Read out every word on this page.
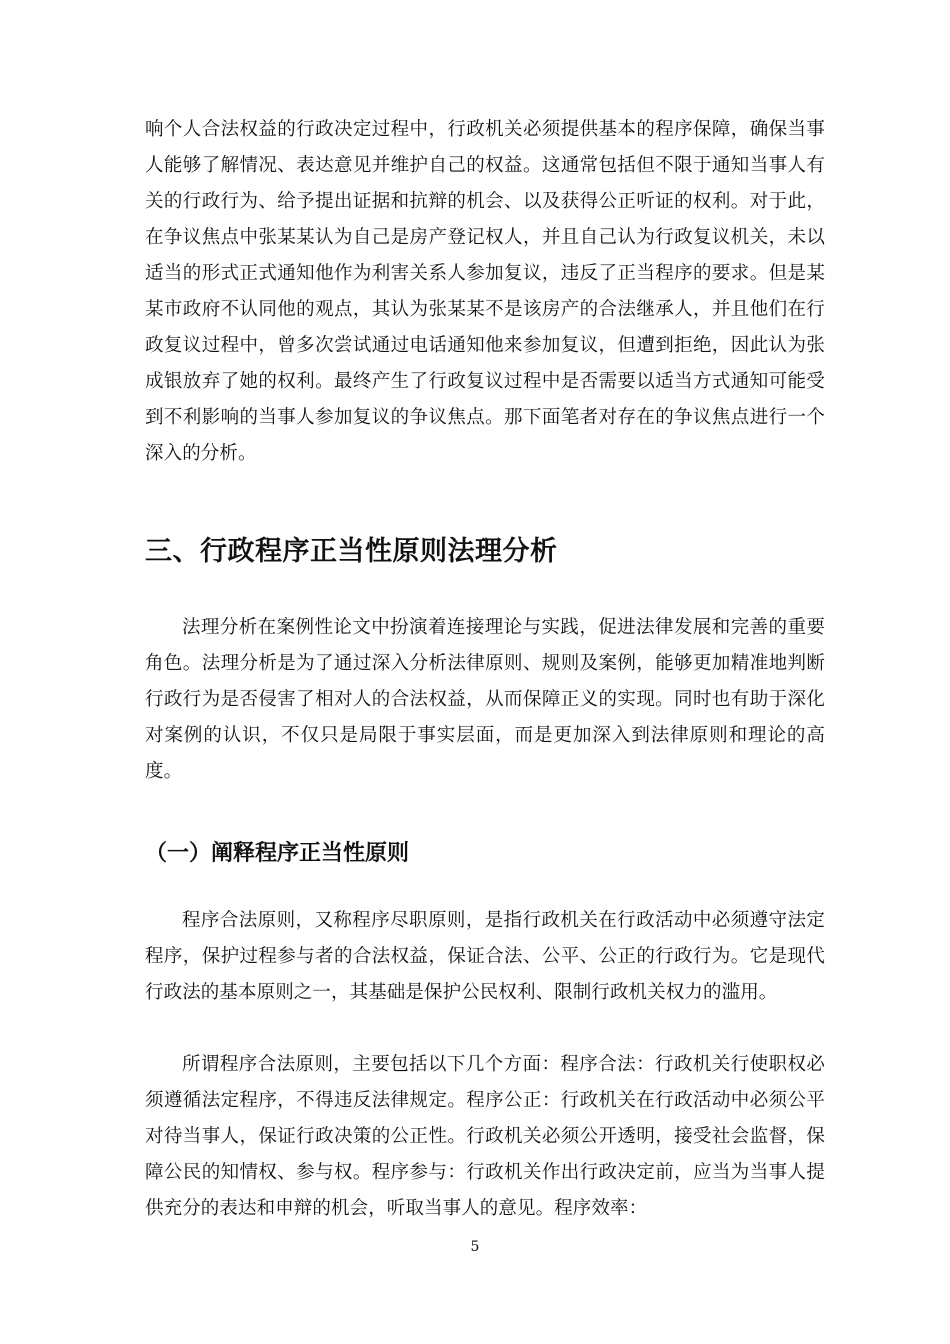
响个人合法权益的行政决定过程中，行政机关必须提供基本的程序保障，确保当事人能够了解情况、表达意见并维护自己的权益。这通常包括但不限于通知当事人有关的行政行为、给予提出证据和抗辩的机会、以及获得公正听证的权利。对于此，在争议焦点中张某某认为自己是房产登记权人，并且自己认为行政复议机关，未以适当的形式正式通知他作为利害关系人参加复议，违反了正当程序的要求。但是某某市政府不认同他的观点，其认为张某某不是该房产的合法继承人，并且他们在行政复议过程中，曾多次尝试通过电话通知他来参加复议，但遭到拒绝，因此认为张成银放弃了她的权利。最终产生了行政复议过程中是否需要以适当方式通知可能受到不利影响的当事人参加复议的争议焦点。那下面笔者对存在的争议焦点进行一个深入的分析。

三、行政程序正当性原则法理分析

法理分析在案例性论文中扮演着连接理论与实践，促进法律发展和完善的重要角色。法理分析是为了通过深入分析法律原则、规则及案例，能够更加精准地判断行政行为是否侵害了相对人的合法权益，从而保障正义的实现。同时也有助于深化对案例的认识，不仅只是局限于事实层面，而是更加深入到法律原则和理论的高度。

（一）阐释程序正当性原则

程序合法原则，又称程序尽职原则，是指行政机关在行政活动中必须遵守法定程序，保护过程参与者的合法权益，保证合法、公平、公正的行政行为。它是现代行政法的基本原则之一，其基础是保护公民权利、限制行政机关权力的滥用。

所谓程序合法原则，主要包括以下几个方面：程序合法：行政机关行使职权必须遵循法定程序，不得违反法律规定。程序公正：行政机关在行政活动中必须公平对待当事人，保证行政决策的公正性。行政机关必须公开透明，接受社会监督，保障公民的知情权、参与权。程序参与：行政机关作出行政决定前，应当为当事人提供充分的表达和申辩的机会，听取当事人的意见。程序效率：

5
